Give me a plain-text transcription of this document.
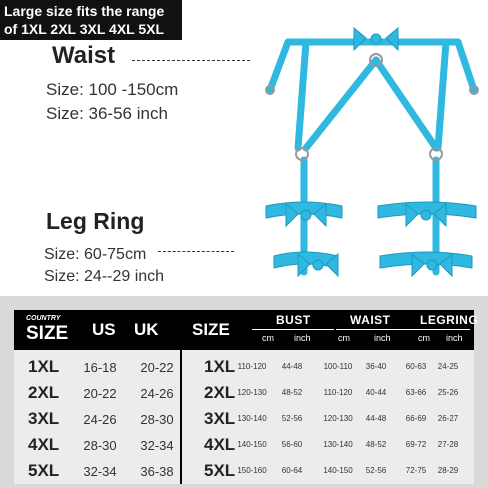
Large size fits the range
of 1XL 2XL 3XL 4XL 5XL
Waist
Size: 100 -150cm
Size: 36-56 inch
Leg Ring
Size: 60-75cm
Size: 24--29 inch
COUNTRY
SIZE US UK SIZE	BUST	WAIST LEGRING
cm inch	cm	inch	cm inch
1XL	16-18	20-22	1XL 110-120	44-48	100-110	36-40	60-63	24-25
2XL	20-22	24-26	2XL 120-130	48-52	110-120	40-44	63-66	25-26
3XL	24-26	28-30	3XL 130-140	52-56	120-130	44-48	66-69	26-27
4XL	28-30	32-34	4XL 140-150	56-60	130-140	48-52	69-72	27-28
5XL	32-34	36-38	5XL 150-160	60-64	140-150	52-56	72-75	28-29
